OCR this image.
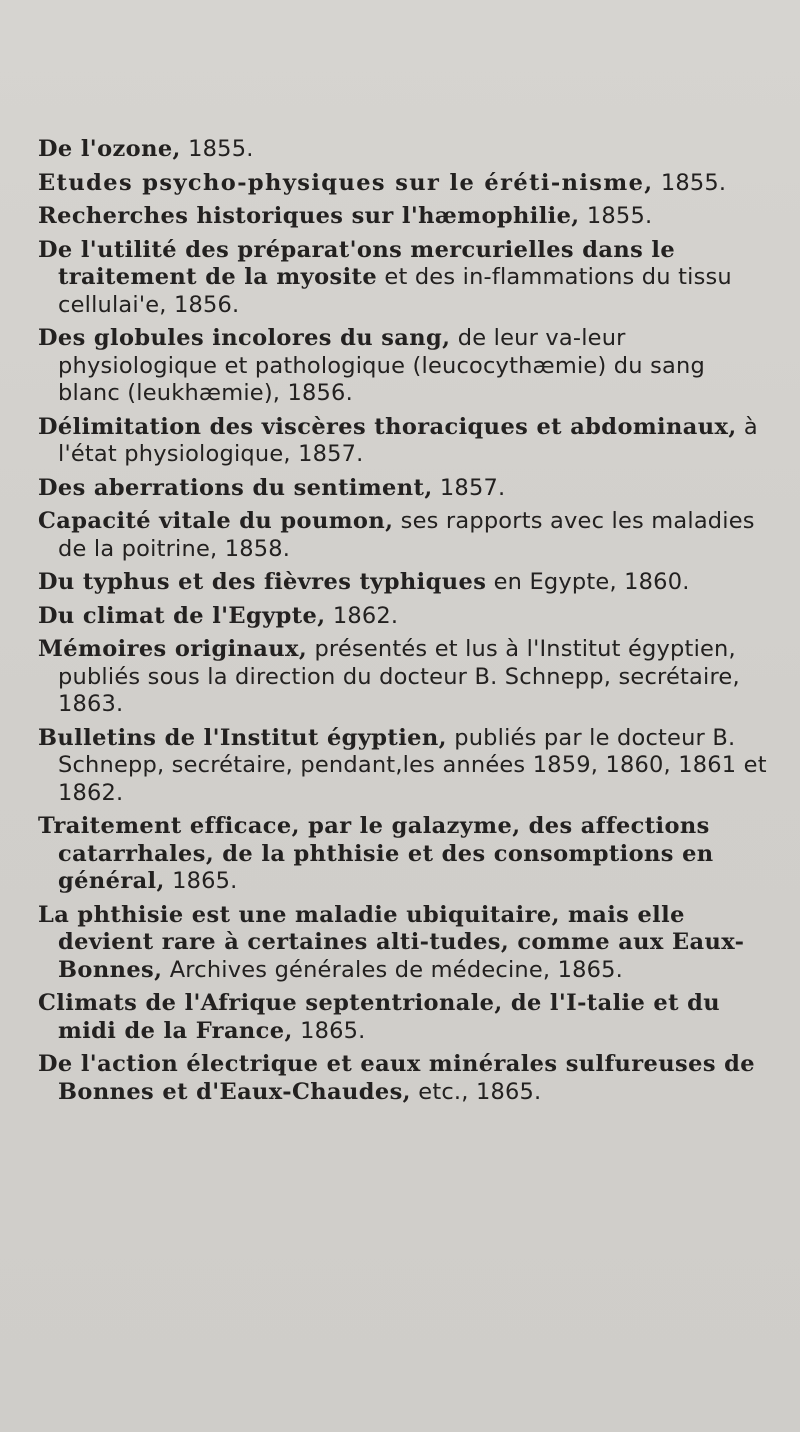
De l'ozone, 1855.
Etudes psycho-physiques sur le éréti-nisme, 1855.
Recherches historiques sur l'hæmophilie, 1855.
De l'utilité des préparat'ons mercurielles dans le traitement de la myosite et des in-flammations du tissu cellulai'e, 1856.
Des globules incolores du sang, de leur va-leur physiologique et pathologique (leucocythæmie) du sang blanc (leukhæmie), 1856.
Délimitation des viscères thoraciques et abdominaux, à l'état physiologique, 1857.
Des aberrations du sentiment, 1857.
Capacité vitale du poumon, ses rapports avec les maladies de la poitrine, 1858.
Du typhus et des fièvres typhiques en Egypte, 1860.
Du climat de l'Egypte, 1862.
Mémoires originaux, présentés et lus à l'Institut égyptien, publiés sous la direction du docteur B. Schnepp, secrétaire, 1863.
Bulletins de l'Institut égyptien, publiés par le docteur B. Schnepp, secrétaire, pendant,les années 1859, 1860, 1861 et 1862.
Traitement efficace, par le galazyme, des affections catarrhales, de la phthisie et des consomptions en général, 1865.
La phthisie est une maladie ubiquitaire, mais elle devient rare à certaines alti-tudes, comme aux Eaux-Bonnes, Archives générales de médecine, 1865.
Climats de l'Afrique septentrionale, de l'I-talie et du midi de la France, 1865.
De l'action électrique et eaux minérales sulfureuses de Bonnes et d'Eaux-Chaudes, etc., 1865.
